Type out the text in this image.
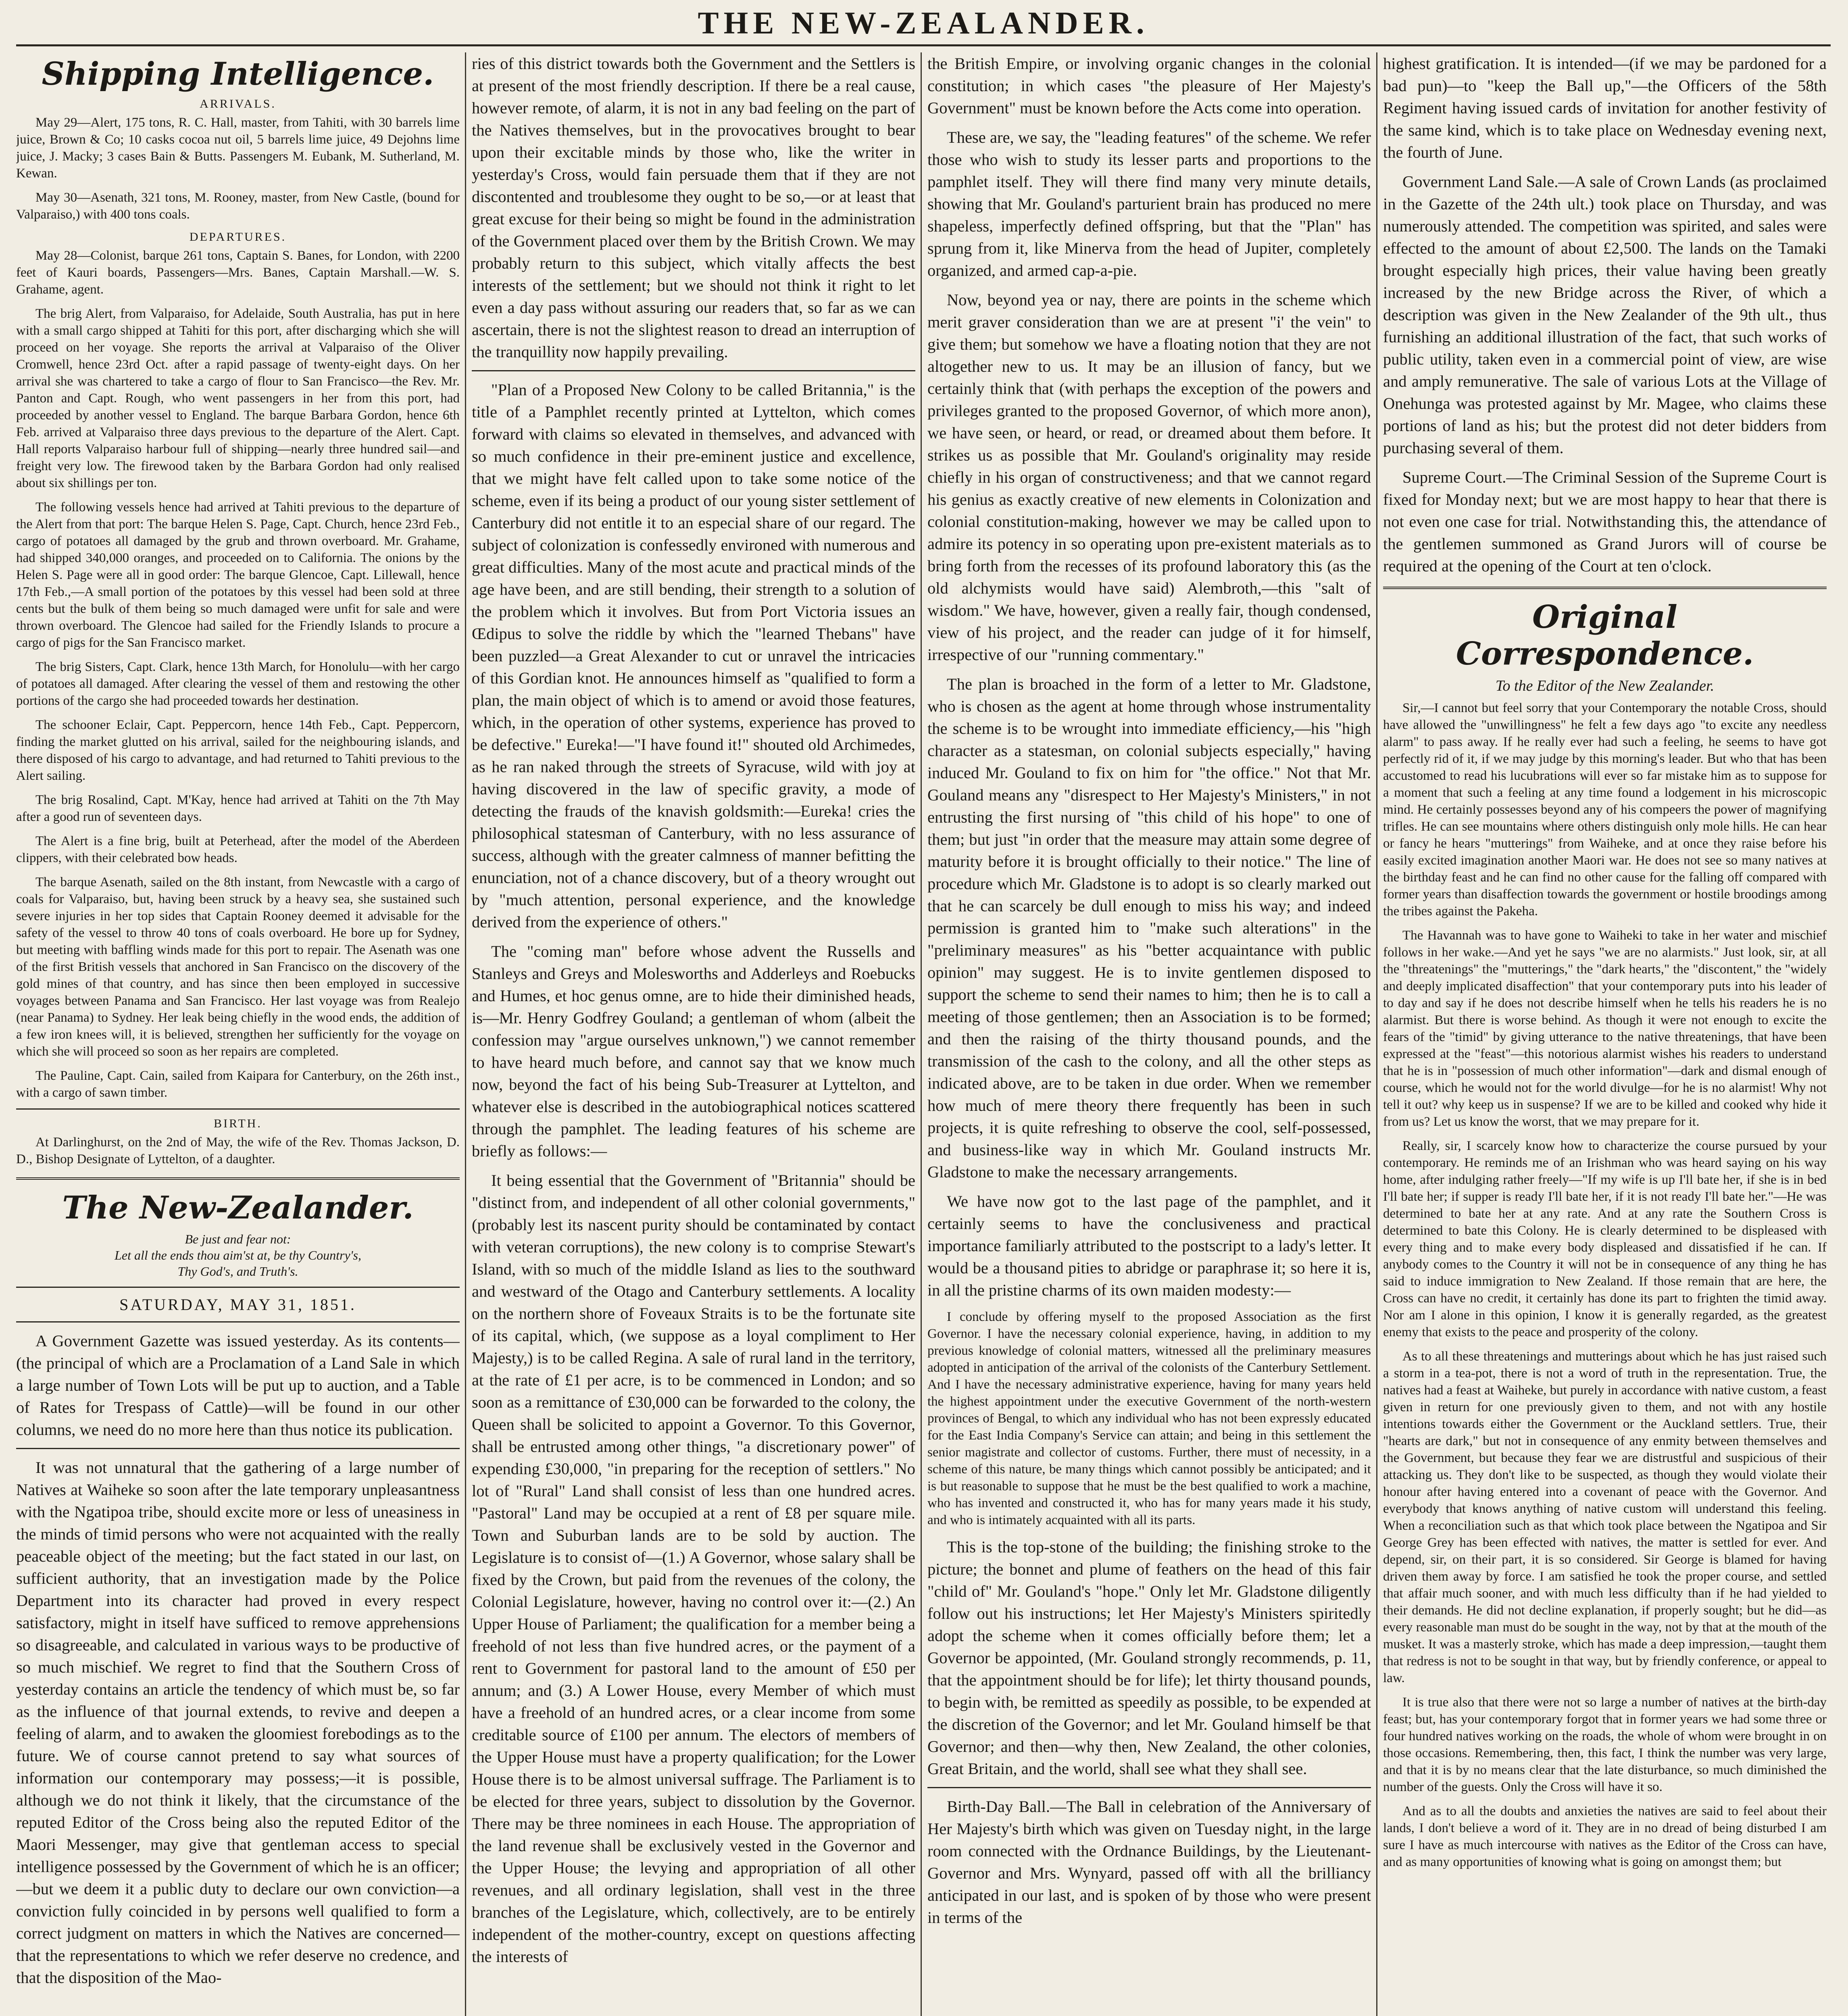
THE NEW-ZEALANDER.
Shipping Intelligence.
ARRIVALS.

May 29—Alert, 175 tons, R. C. Hall, master, from Tahiti, with 30 barrels lime juice, Brown & Co; 10 casks cocoa nut oil, 5 barrels lime juice, 49 Dejohns lime juice, J. Macky; 3 cases Bain & Butts. Passengers M. Eubank, M. Sutherland, M. Kewan.

May 30—Asenath, 321 tons, M. Rooney, master, from New Castle, (bound for Valparaiso,) with 400 tons coals.

DEPARTURES.

May 28—Colonist, barque 261 tons, Captain S. Banes, for London, with 2200 feet of Kauri boards, Passengers—Mrs. Banes, Captain Marshall.—W. S. Grahame, agent.

The brig Alert, from Valparaiso, for Adelaide, South Australia, has put in here with a small cargo shipped at Tahiti for this port, after discharging which she will proceed on her voyage. She reports the arrival at Valparaiso of the Oliver Cromwell, hence 23rd Oct. after a rapid passage of twenty-eight days. On her arrival she was chartered to take a cargo of flour to San Francisco—the Rev. Mr. Panton and Capt. Rough, who went passengers in her from this port, had proceeded by another vessel to England. The barque Barbara Gordon, hence 6th Feb. arrived at Valparaiso three days previous to the departure of the Alert. Capt. Hall reports Valparaiso harbour full of shipping—nearly three hundred sail—and freight very low. The firewood taken by the Barbara Gordon had only realised about six shillings per ton.

The following vessels hence had arrived at Tahiti previous to the departure of the Alert from that port: The barque Helen S. Page, Capt. Church, hence 23rd Feb., cargo of potatoes all damaged by the grub and thrown overboard. Mr. Grahame, had shipped 340,000 oranges, and proceeded on to California. The onions by the Helen S. Page were all in good order: The barque Glencoe, Capt. Lillewall, hence 17th Feb.,—A small portion of the potatoes by this vessel had been sold at three cents but the bulk of them being so much damaged were unfit for sale and were thrown overboard. The Glencoe had sailed for the Friendly Islands to procure a cargo of pigs for the San Francisco market.

The brig Sisters, Capt. Clark, hence 13th March, for Honolulu—with her cargo of potatoes all damaged. After clearing the vessel of them and restowing the other portions of the cargo she had proceeded towards her destination.

The schooner Eclair, Capt. Peppercorn, hence 14th Feb., Capt. Peppercorn, finding the market glutted on his arrival, sailed for the neighbouring islands, and there disposed of his cargo to advantage, and had returned to Tahiti previous to the Alert sailing.

The brig Rosalind, Capt. M'Kay, hence had arrived at Tahiti on the 7th May after a good run of seventeen days.

The Alert is a fine brig, built at Peterhead, after the model of the Aberdeen clippers, with their celebrated bow heads.

The barque Asenath, sailed on the 8th instant, from Newcastle with a cargo of coals for Valparaiso, but, having been struck by a heavy sea, she sustained such severe injuries in her top sides that Captain Rooney deemed it advisable for the safety of the vessel to throw 40 tons of coals overboard. He bore up for Sydney, but meeting with baffling winds made for this port to repair. The Asenath was one of the first British vessels that anchored in San Francisco on the discovery of the gold mines of that country, and has since then been employed in successive voyages between Panama and San Francisco. Her last voyage was from Realejo (near Panama) to Sydney. Her leak being chiefly in the wood ends, the addition of a few iron knees will, it is believed, strengthen her sufficiently for the voyage on which she will proceed so soon as her repairs are completed.

The Pauline, Capt. Cain, sailed from Kaipara for Canterbury, on the 26th inst., with a cargo of sawn timber.

BIRTH.

At Darlinghurst, on the 2nd of May, the wife of the Rev. Thomas Jackson, D. D., Bishop Designate of Lyttelton, of a daughter.

The New-Zealander.
Be just and fear not:
Let all the ends thou aim'st at, be thy Country's,
Thy God's, and Truth's.
SATURDAY, MAY 31, 1851.

A Government Gazette was issued yesterday. As its contents—(the principal of which are a Proclamation of a Land Sale in which a large number of Town Lots will be put up to auction, and a Table of Rates for Trespass of Cattle)—will be found in our other columns, we need do no more here than thus notice its publication.

It was not unnatural that the gathering of a large number of Natives at Waiheke so soon after the late temporary unpleasantness with the Ngatipoa tribe, should excite more or less of uneasiness in the minds of timid persons who were not acquainted with the really peaceable object of the meeting; but the fact stated in our last, on sufficient authority, that an investigation made by the Police Department into its character had proved in every respect satisfactory, might in itself have sufficed to remove apprehensions so disagreeable, and calculated in various ways to be productive of so much mischief. We regret to find that the Southern Cross of yesterday contains an article the tendency of which must be, so far as the influence of that journal extends, to revive and deepen a feeling of alarm, and to awaken the gloomiest forebodings as to the future. We of course cannot pretend to say what sources of information our contemporary may possess;—it is possible, although we do not think it likely, that the circumstance of the reputed Editor of the Cross being also the reputed Editor of the Maori Messenger, may give that gentleman access to special intelligence possessed by the Government of which he is an officer;—but we deem it a public duty to declare our own conviction—a conviction fully coincided in by persons well qualified to form a correct judgment on matters in which the Natives are concerned—that the representations to which we refer deserve no credence, and that the disposition of the Mao-

ries of this district towards both the Government and the Settlers is at present of the most friendly description. If there be a real cause, however remote, of alarm, it is not in any bad feeling on the part of the Natives themselves, but in the provocatives brought to bear upon their excitable minds by those who, like the writer in yesterday's Cross, would fain persuade them that if they are not discontented and troublesome they ought to be so,—or at least that great excuse for their being so might be found in the administration of the Government placed over them by the British Crown. We may probably return to this subject, which vitally affects the best interests of the settlement; but we should not think it right to let even a day pass without assuring our readers that, so far as we can ascertain, there is not the slightest reason to dread an interruption of the tranquillity now happily prevailing.

"Plan of a Proposed New Colony to be called Britannia," is the title of a Pamphlet recently printed at Lyttelton, which comes forward with claims so elevated in themselves, and advanced with so much confidence in their pre-eminent justice and excellence, that we might have felt called upon to take some notice of the scheme, even if its being a product of our young sister settlement of Canterbury did not entitle it to an especial share of our regard. The subject of colonization is confessedly environed with numerous and great difficulties. Many of the most acute and practical minds of the age have been, and are still bending, their strength to a solution of the problem which it involves. But from Port Victoria issues an Œdipus to solve the riddle by which the "learned Thebans" have been puzzled—a Great Alexander to cut or unravel the intricacies of this Gordian knot. He announces himself as "qualified to form a plan, the main object of which is to amend or avoid those features, which, in the operation of other systems, experience has proved to be defective." Eureka!—"I have found it!" shouted old Archimedes, as he ran naked through the streets of Syracuse, wild with joy at having discovered in the law of specific gravity, a mode of detecting the frauds of the knavish goldsmith:—Eureka! cries the philosophical statesman of Canterbury, with no less assurance of success, although with the greater calmness of manner befitting the enunciation, not of a chance discovery, but of a theory wrought out by "much attention, personal experience, and the knowledge derived from the experience of others."

The "coming man" before whose advent the Russells and Stanleys and Greys and Molesworths and Adderleys and Roebucks and Humes, et hoc genus omne, are to hide their diminished heads, is—Mr. Henry Godfrey Gouland; a gentleman of whom (albeit the confession may "argue ourselves unknown,") we cannot remember to have heard much before, and cannot say that we know much now, beyond the fact of his being Sub-Treasurer at Lyttelton, and whatever else is described in the autobiographical notices scattered through the pamphlet. The leading features of his scheme are briefly as follows:—

It being essential that the Government of "Britannia" should be "distinct from, and independent of all other colonial governments," (probably lest its nascent purity should be contaminated by contact with veteran corruptions), the new colony is to comprise Stewart's Island, with so much of the middle Island as lies to the southward and westward of the Otago and Canterbury settlements. A locality on the northern shore of Foveaux Straits is to be the fortunate site of its capital, which, (we suppose as a loyal compliment to Her Majesty,) is to be called Regina. A sale of rural land in the territory, at the rate of £1 per acre, is to be commenced in London; and so soon as a remittance of £30,000 can be forwarded to the colony, the Queen shall be solicited to appoint a Governor. To this Governor, shall be entrusted among other things, "a discretionary power" of expending £30,000, "in preparing for the reception of settlers." No lot of "Rural" Land shall consist of less than one hundred acres. "Pastoral" Land may be occupied at a rent of £8 per square mile. Town and Suburban lands are to be sold by auction. The Legislature is to consist of—(1.) A Governor, whose salary shall be fixed by the Crown, but paid from the revenues of the colony, the Colonial Legislature, however, having no control over it:—(2.) An Upper House of Parliament; the qualification for a member being a freehold of not less than five hundred acres, or the payment of a rent to Government for pastoral land to the amount of £50 per annum; and (3.) A Lower House, every Member of which must have a freehold of an hundred acres, or a clear income from some creditable source of £100 per annum. The electors of members of the Upper House must have a property qualification; for the Lower House there is to be almost universal suffrage. The Parliament is to be elected for three years, subject to dissolution by the Governor. There may be three nominees in each House. The appropriation of the land revenue shall be exclusively vested in the Governor and the Upper House; the levying and appropriation of all other revenues, and all ordinary legislation, shall vest in the three branches of the Legislature, which, collectively, are to be entirely independent of the mother-country, except on questions affecting the interests of

the British Empire, or involving organic changes in the colonial constitution; in which cases "the pleasure of Her Majesty's Government" must be known before the Acts come into operation.

These are, we say, the "leading features" of the scheme. We refer those who wish to study its lesser parts and proportions to the pamphlet itself. They will there find many very minute details, showing that Mr. Gouland's parturient brain has produced no mere shapeless, imperfectly defined offspring, but that the "Plan" has sprung from it, like Minerva from the head of Jupiter, completely organized, and armed cap-a-pie.

Now, beyond yea or nay, there are points in the scheme which merit graver consideration than we are at present "i' the vein" to give them; but somehow we have a floating notion that they are not altogether new to us. It may be an illusion of fancy, but we certainly think that (with perhaps the exception of the powers and privileges granted to the proposed Governor, of which more anon), we have seen, or heard, or read, or dreamed about them before. It strikes us as possible that Mr. Gouland's originality may reside chiefly in his organ of constructiveness; and that we cannot regard his genius as exactly creative of new elements in Colonization and colonial constitution-making, however we may be called upon to admire its potency in so operating upon pre-existent materials as to bring forth from the recesses of its profound laboratory this (as the old alchymists would have said) Alembroth,—this "salt of wisdom." We have, however, given a really fair, though condensed, view of his project, and the reader can judge of it for himself, irrespective of our "running commentary."

The plan is broached in the form of a letter to Mr. Gladstone, who is chosen as the agent at home through whose instrumentality the scheme is to be wrought into immediate efficiency,—his "high character as a statesman, on colonial subjects especially," having induced Mr. Gouland to fix on him for "the office." Not that Mr. Gouland means any "disrespect to Her Majesty's Ministers," in not entrusting the first nursing of "this child of his hope" to one of them; but just "in order that the measure may attain some degree of maturity before it is brought officially to their notice." The line of procedure which Mr. Gladstone is to adopt is so clearly marked out that he can scarcely be dull enough to miss his way; and indeed permission is granted him to "make such alterations" in the "preliminary measures" as his "better acquaintance with public opinion" may suggest. He is to invite gentlemen disposed to support the scheme to send their names to him; then he is to call a meeting of those gentlemen; then an Association is to be formed; and then the raising of the thirty thousand pounds, and the transmission of the cash to the colony, and all the other steps as indicated above, are to be taken in due order. When we remember how much of mere theory there frequently has been in such projects, it is quite refreshing to observe the cool, self-possessed, and business-like way in which Mr. Gouland instructs Mr. Gladstone to make the necessary arrangements.

We have now got to the last page of the pamphlet, and it certainly seems to have the conclusiveness and practical importance familiarly attributed to the postscript to a lady's letter. It would be a thousand pities to abridge or paraphrase it; so here it is, in all the pristine charms of its own maiden modesty:—

I conclude by offering myself to the proposed Association as the first Governor. I have the necessary colonial experience, having, in addition to my previous knowledge of colonial matters, witnessed all the preliminary measures adopted in anticipation of the arrival of the colonists of the Canterbury Settlement. And I have the necessary administrative experience, having for many years held the highest appointment under the executive Government of the north-western provinces of Bengal, to which any individual who has not been expressly educated for the East India Company's Service can attain; and being in this settlement the senior magistrate and collector of customs. Further, there must of necessity, in a scheme of this nature, be many things which cannot possibly be anticipated; and it is but reasonable to suppose that he must be the best qualified to work a machine, who has invented and constructed it, who has for many years made it his study, and who is intimately acquainted with all its parts.

This is the top-stone of the building; the finishing stroke to the picture; the bonnet and plume of feathers on the head of this fair "child of" Mr. Gouland's "hope." Only let Mr. Gladstone diligently follow out his instructions; let Her Majesty's Ministers spiritedly adopt the scheme when it comes officially before them; let a Governor be appointed, (Mr. Gouland strongly recommends, p. 11, that the appointment should be for life); let thirty thousand pounds, to begin with, be remitted as speedily as possible, to be expended at the discretion of the Governor; and let Mr. Gouland himself be that Governor; and then—why then, New Zealand, the other colonies, Great Britain, and the world, shall see what they shall see.

Birth-Day Ball.—The Ball in celebration of the Anniversary of Her Majesty's birth which was given on Tuesday night, in the large room connected with the Ordnance Buildings, by the Lieutenant-Governor and Mrs. Wynyard, passed off with all the brilliancy anticipated in our last, and is spoken of by those who were present in terms of the

highest gratification. It is intended—(if we may be pardoned for a bad pun)—to "keep the Ball up,"—the Officers of the 58th Regiment having issued cards of invitation for another festivity of the same kind, which is to take place on Wednesday evening next, the fourth of June.

Government Land Sale.—A sale of Crown Lands (as proclaimed in the Gazette of the 24th ult.) took place on Thursday, and was numerously attended. The competition was spirited, and sales were effected to the amount of about £2,500. The lands on the Tamaki brought especially high prices, their value having been greatly increased by the new Bridge across the River, of which a description was given in the New Zealander of the 9th ult., thus furnishing an additional illustration of the fact, that such works of public utility, taken even in a commercial point of view, are wise and amply remunerative. The sale of various Lots at the Village of Onehunga was protested against by Mr. Magee, who claims these portions of land as his; but the protest did not deter bidders from purchasing several of them.

Supreme Court.—The Criminal Session of the Supreme Court is fixed for Monday next; but we are most happy to hear that there is not even one case for trial. Notwithstanding this, the attendance of the gentlemen summoned as Grand Jurors will of course be required at the opening of the Court at ten o'clock.

Original Correspondence.
To the Editor of the New Zealander.

Sir,—I cannot but feel sorry that your Contemporary the notable Cross, should have allowed the "unwillingness" he felt a few days ago "to excite any needless alarm" to pass away. If he really ever had such a feeling, he seems to have got perfectly rid of it, if we may judge by this morning's leader. But who that has been accustomed to read his lucubrations will ever so far mistake him as to suppose for a moment that such a feeling at any time found a lodgement in his microscopic mind. He certainly possesses beyond any of his compeers the power of magnifying trifles. He can see mountains where others distinguish only mole hills. He can hear or fancy he hears "mutterings" from Waiheke, and at once they raise before his easily excited imagination another Maori war. He does not see so many natives at the birthday feast and he can find no other cause for the falling off compared with former years than disaffection towards the government or hostile broodings among the tribes against the Pakeha.

The Havannah was to have gone to Waiheki to take in her water and mischief follows in her wake.—And yet he says "we are no alarmists." Just look, sir, at all the "threatenings" the "mutterings," the "dark hearts," the "discontent," the "widely and deeply implicated disaffection" that your contemporary puts into his leader of to day and say if he does not describe himself when he tells his readers he is no alarmist. But there is worse behind. As though it were not enough to excite the fears of the "timid" by giving utterance to the native threatenings, that have been expressed at the "feast"—this notorious alarmist wishes his readers to understand that he is in "possession of much other information"—dark and dismal enough of course, which he would not for the world divulge—for he is no alarmist! Why not tell it out? why keep us in suspense? If we are to be killed and cooked why hide it from us? Let us know the worst, that we may prepare for it.

Really, sir, I scarcely know how to characterize the course pursued by your contemporary. He reminds me of an Irishman who was heard saying on his way home, after indulging rather freely—"If my wife is up I'll bate her, if she is in bed I'll bate her; if supper is ready I'll bate her, if it is not ready I'll bate her."—He was determined to bate her at any rate. And at any rate the Southern Cross is determined to bate this Colony. He is clearly determined to be displeased with every thing and to make every body displeased and dissatisfied if he can. If anybody comes to the Country it will not be in consequence of any thing he has said to induce immigration to New Zealand. If those remain that are here, the Cross can have no credit, it certainly has done its part to frighten the timid away. Nor am I alone in this opinion, I know it is generally regarded, as the greatest enemy that exists to the peace and prosperity of the colony.

As to all these threatenings and mutterings about which he has just raised such a storm in a tea-pot, there is not a word of truth in the representation. True, the natives had a feast at Waiheke, but purely in accordance with native custom, a feast given in return for one previously given to them, and not with any hostile intentions towards either the Government or the Auckland settlers. True, their "hearts are dark," but not in consequence of any enmity between themselves and the Government, but because they fear we are distrustful and suspicious of their attacking us. They don't like to be suspected, as though they would violate their honour after having entered into a covenant of peace with the Governor. And everybody that knows anything of native custom will understand this feeling. When a reconciliation such as that which took place between the Ngatipoa and Sir George Grey has been effected with natives, the matter is settled for ever. And depend, sir, on their part, it is so considered. Sir George is blamed for having driven them away by force. I am satisfied he took the proper course, and settled that affair much sooner, and with much less difficulty than if he had yielded to their demands. He did not decline explanation, if properly sought; but he did—as every reasonable man must do be sought in the way, not by that at the mouth of the musket. It was a masterly stroke, which has made a deep impression,—taught them that redress is not to be sought in that way, but by friendly conference, or appeal to law.

It is true also that there were not so large a number of natives at the birth-day feast; but, has your contemporary forgot that in former years we had some three or four hundred natives working on the roads, the whole of whom were brought in on those occasions. Remembering, then, this fact, I think the number was very large, and that it is by no means clear that the late disturbance, so much diminished the number of the guests. Only the Cross will have it so.

And as to all the doubts and anxieties the natives are said to feel about their lands, I don't believe a word of it. They are in no dread of being disturbed I am sure I have as much intercourse with natives as the Editor of the Cross can have, and as many opportunities of knowing what is going on amongst them; but
